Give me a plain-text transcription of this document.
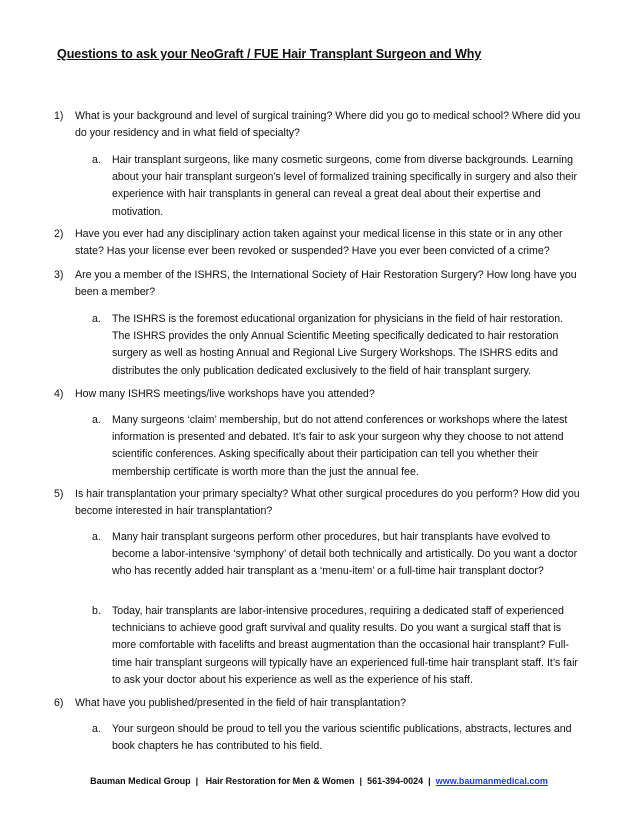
Questions to ask your NeoGraft / FUE Hair Transplant Surgeon and Why
1) What is your background and level of surgical training? Where did you go to medical school? Where did you do your residency and in what field of specialty?
a. Hair transplant surgeons, like many cosmetic surgeons, come from diverse backgrounds. Learning about your hair transplant surgeon’s level of formalized training specifically in surgery and also their experience with hair transplants in general can reveal a great deal about their expertise and motivation.
2) Have you ever had any disciplinary action taken against your medical license in this state or in any other state? Has your license ever been revoked or suspended? Have you ever been convicted of a crime?
3) Are you a member of the ISHRS, the International Society of Hair Restoration Surgery? How long have you been a member?
a. The ISHRS is the foremost educational organization for physicians in the field of hair restoration. The ISHRS provides the only Annual Scientific Meeting specifically dedicated to hair restoration surgery as well as hosting Annual and Regional Live Surgery Workshops. The ISHRS edits and distributes the only publication dedicated exclusively to the field of hair transplant surgery.
4) How many ISHRS meetings/live workshops have you attended?
a. Many surgeons ‘claim’ membership, but do not attend conferences or workshops where the latest information is presented and debated. It’s fair to ask your surgeon why they choose to not attend scientific conferences. Asking specifically about their participation can tell you whether their membership certificate is worth more than the just the annual fee.
5) Is hair transplantation your primary specialty? What other surgical procedures do you perform? How did you become interested in hair transplantation?
a. Many hair transplant surgeons perform other procedures, but hair transplants have evolved to become a labor-intensive ‘symphony’ of detail both technically and artistically. Do you want a doctor who has recently added hair transplant as a ‘menu-item’ or a full-time hair transplant doctor?
b. Today, hair transplants are labor-intensive procedures, requiring a dedicated staff of experienced technicians to achieve good graft survival and quality results. Do you want a surgical staff that is more comfortable with facelifts and breast augmentation than the occasional hair transplant? Full-time hair transplant surgeons will typically have an experienced full-time hair transplant staff. It’s fair to ask your doctor about his experience as well as the experience of his staff.
6) What have you published/presented in the field of hair transplantation?
a. Your surgeon should be proud to tell you the various scientific publications, abstracts, lectures and book chapters he has contributed to his field.
Bauman Medical Group | Hair Restoration for Men & Women | 561-394-0024 | www.baumanmedical.com
